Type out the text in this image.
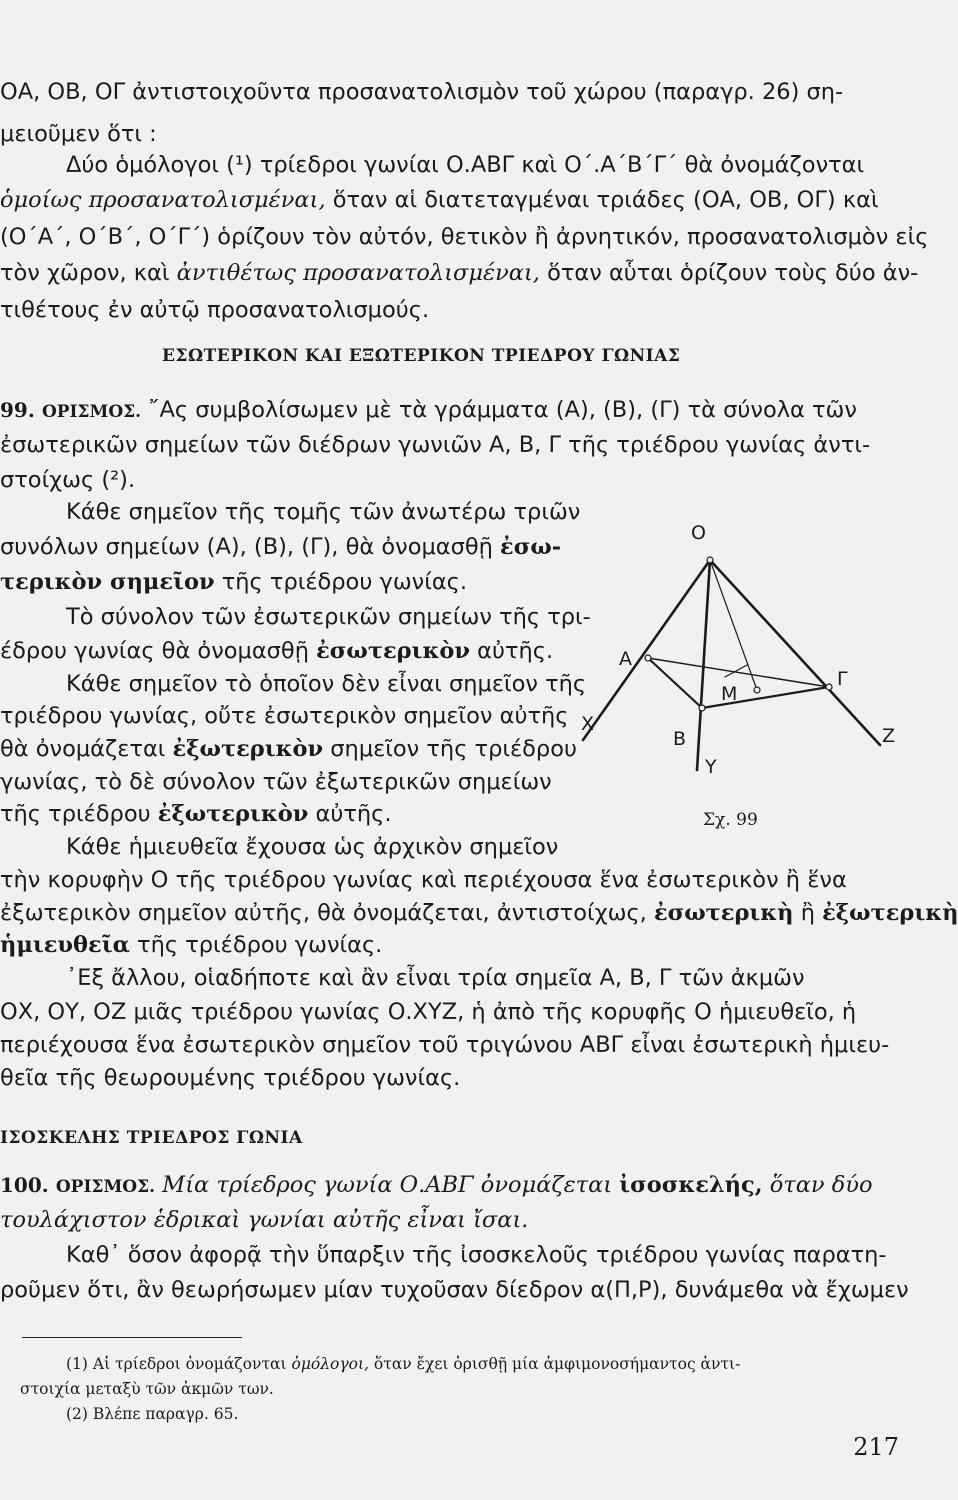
ΟΑ, ΟΒ, ΟΓ ἀντιστοιχοῦντα προσανατολισμὸν τοῦ χώρου (παραγρ. 26) ση-
μειοῦμεν ὅτι :
Δύο ὁμόλογοι (¹) τρίεδροι γωνίαι Ο.ΑΒΓ καὶ Ο΄.Α΄Β΄Γ΄ θὰ ὀνομάζονται
ὁμοίως προσανατολισμέναι, ὅταν αἱ διατεταγμέναι τριάδες (ΟΑ, ΟΒ, ΟΓ) καὶ
(Ο΄Α΄, Ο΄Β΄, Ο΄Γ΄) ὁρίζουν τὸν αὐτόν, θετικὸν ἢ ἀρνητικόν, προσανατολισμὸν εἰς
τὸν χῶρον, καὶ ἀντιθέτως προσανατολισμέναι, ὅταν αὗται ὁρίζουν τοὺς δύο ἀν-
τιθέτους ἐν αὐτῷ προσανατολισμούς.
ΕΣΩΤΕΡΙΚΟΝ ΚΑΙ ΕΞΩΤΕΡΙΚΟΝ ΤΡΙΕΔΡΟΥ ΓΩΝΙΑΣ
99. ΟΡΙΣΜΟΣ. ῎Ας συμβολίσωμεν μὲ τὰ γράμματα (Α), (Β), (Γ) τὰ σύνολα τῶν
ἐσωτερικῶν σημείων τῶν διέδρων γωνιῶν Α, Β, Γ τῆς τριέδρου γωνίας ἀντι-
στοίχως (²).
Κάθε σημεῖον τῆς τομῆς τῶν ἀνωτέρω τριῶν
συνόλων σημείων (Α), (Β), (Γ), θὰ ὀνομασθῇ ἐσω-
τερικὸν σημεῖον τῆς τριέδρου γωνίας.
Τὸ σύνολον τῶν ἐσωτερικῶν σημείων τῆς τρι-
έδρου γωνίας θὰ ὀνομασθῇ ἐσωτερικὸν αὐτῆς.
Κάθε σημεῖον τὸ ὁποῖον δὲν εἶναι σημεῖον τῆς
τριέδρου γωνίας, οὔτε ἐσωτερικὸν σημεῖον αὐτῆς
θὰ ὀνομάζεται ἐξωτερικὸν σημεῖον τῆς τριέδρου
γωνίας, τὸ δὲ σύνολον τῶν ἐξωτερικῶν σημείων
τῆς τριέδρου ἐξωτερικὸν αὐτῆς.
Κάθε ἡμιευθεῖα ἔχουσα ὡς ἀρχικὸν σημεῖον
τὴν κορυφὴν Ο τῆς τριέδρου γωνίας καὶ περιέχουσα ἕνα ἐσωτερικὸν ἢ ἕνα
ἐξωτερικὸν σημεῖον αὐτῆς, θὰ ὀνομάζεται, ἀντιστοίχως, ἐσωτερικὴ ἢ ἐξωτερικὴ
ἡμιευθεῖα τῆς τριέδρου γωνίας.
᾿Εξ ἄλλου, οἱαδήποτε καὶ ἂν εἶναι τρία σημεῖα Α, Β, Γ τῶν ἀκμῶν
ΟΧ, ΟΥ, ΟΖ μιᾶς τριέδρου γωνίας Ο.ΧΥΖ, ἡ ἀπὸ τῆς κορυφῆς Ο ἡμιευθεῖο, ἡ
περιέχουσα ἕνα ἐσωτερικὸν σημεῖον τοῦ τριγώνου ΑΒΓ εἶναι ἐσωτερικὴ ἡμιευ-
θεῖα τῆς θεωρουμένης τριέδρου γωνίας.
ΙΣΟΣΚΕΛΗΣ ΤΡΙΕΔΡΟΣ ΓΩΝΙΑ
100. ΟΡΙΣΜΟΣ. Μία τρίεδρος γωνία Ο.ΑΒΓ ὀνομάζεται ἰσοσκελής, ὅταν δύο
τουλάχιστον ἑδρικαὶ γωνίαι αὐτῆς εἶναι ἴσαι.
Καθ᾿ ὅσον ἀφορᾷ τὴν ὕπαρξιν τῆς ἰσοσκελοῦς τριέδρου γωνίας παρατη-
ροῦμεν ὅτι, ἂν θεωρήσωμεν μίαν τυχοῦσαν δίεδρον α(Π,Ρ), δυνάμεθα νὰ ἔχωμεν
(1) Αἱ τρίεδροι ὀνομάζονται ὁμόλογοι, ὅταν ἔχει ὁρισθῇ μία ἀμφιμονοσήμαντος ἀντι-
στοιχία μεταξὺ τῶν ἀκμῶν των.
(2) Βλέπε παραγρ. 65.
217
O
A
B
Γ
M
X
Y
Z
Σχ. 99
